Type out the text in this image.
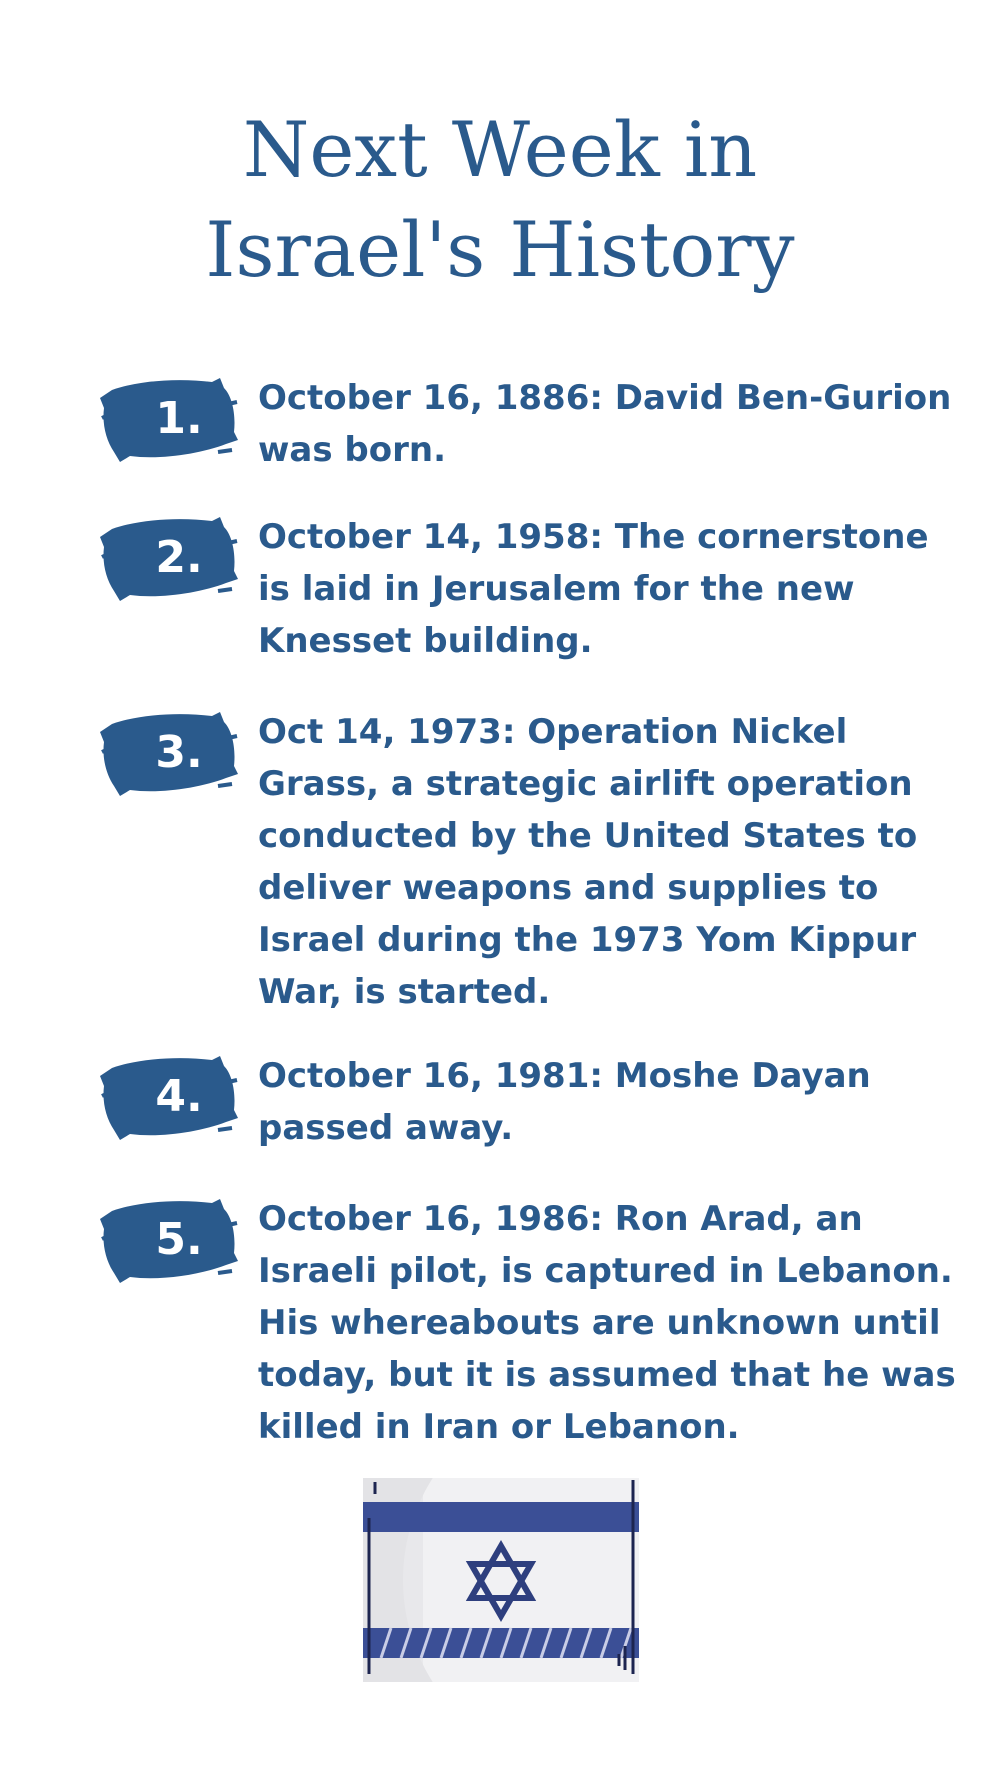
Next Week in
Israel's History
1.	October 16, 1886: David Ben-Gurion was born.

2.	October 14, 1958: The cornerstone is laid in Jerusalem for the new Knesset building.

3.	Oct 14, 1973: Operation Nickel Grass, a strategic airlift operation conducted by the United States to deliver weapons and supplies to Israel during the 1973 Yom Kippur War, is started.

4.	October 16, 1981: Moshe Dayan passed away.

5.	October 16, 1986: Ron Arad, an Israeli pilot, is captured in Lebanon. His whereabouts are unknown until today, but it is assumed that he was killed in Iran or Lebanon.
